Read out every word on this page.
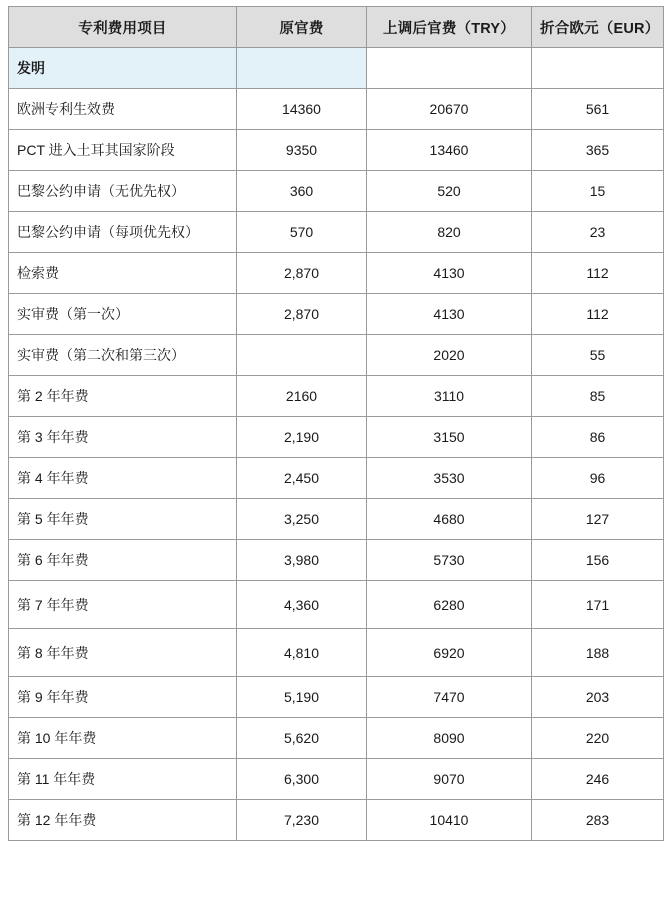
专利费用项目	原官费	上调后官费（TRY）	折合欧元（EUR）
发明			
欧洲专利生效费	14360	20670	561
PCT 进入土耳其国家阶段	9350	13460	365
巴黎公约申请（无优先权）	360	520	15
巴黎公约申请（每项优先权）	570	820	23
检索费	2,870	4130	112
实审费（第一次）	2,870	4130	112
实审费（第二次和第三次）		2020	55
第 2 年年费	2160	3110	85
第 3 年年费	2,190	3150	86
第 4 年年费	2,450	3530	96
第 5 年年费	3,250	4680	127
第 6 年年费	3,980	5730	156
第 7 年年费	4,360	6280	171
第 8 年年费	4,810	6920	188
第 9 年年费	5,190	7470	203
第 10 年年费	5,620	8090	220
第 11 年年费	6,300	9070	246
第 12 年年费	7,230	10410	283
